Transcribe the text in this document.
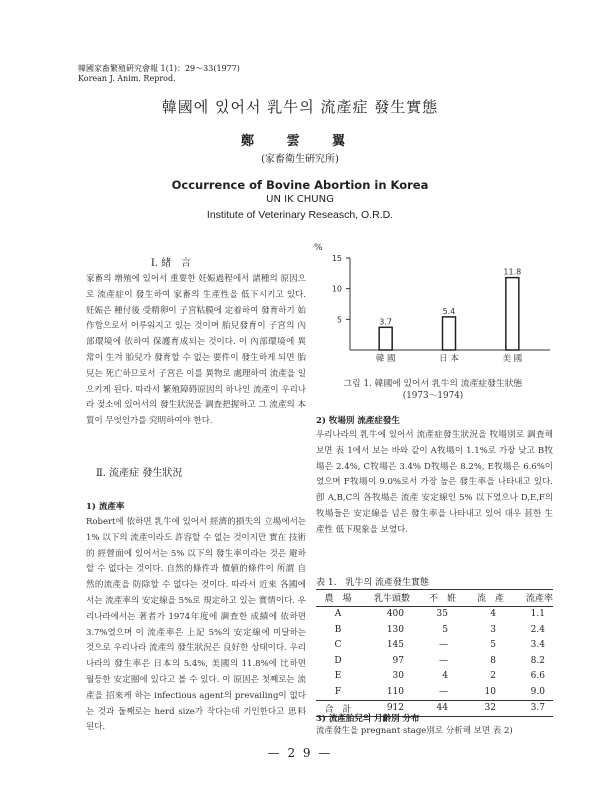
韓國家畜繁殖硏究會報 1(1)：29～33(1977)
Korean J. Anim. Reprod.
韓國에 있어서 乳牛의 流產症 發生實態
鄭 雲 翼
(家畜衛生硏究所)
Occurrence of Bovine Abortion in Korea
UN IK CHUNG
Institute of Veterinary Reseasch, O.R.D.
Ⅰ. 緖　言
家畜의 增殖에 있어서 重要한 妊娠過程에서 諸種의 原因으로 流產症이 發生하여 家畜의 生產性을 低下시키고 있다. 妊娠은 種付後 受精卵이 子宮粘膜에 定着하여 發育하기 始作함으로서 이루워지고 있는 것이며 胎兒發育이 子宮의 內部環境에 依하여 保護育成되는 것이다. 이 內部環境에 異常이 生겨 胎兒가 發育할 수 없는 要件이 發生하게 되면 胎兒는 死亡하므로서 子宮은 이를 異物로 處理하여 流產을 일으키게 된다. 따라서 繁殖障碍原因의 하나인 流產이 우리나라 젖소에 있어서의 發生狀況을 調査把握하고 그 流產의 本質이 무엇인가를 究明하여야 한다.
Ⅱ. 流產症 發生狀況
1) 流產率
Robert에 依하면 乳牛에 있어서 經濟的損失의 立場에서는 1% 以下의 流產이라도 許容할 수 없는 것이지만 實在 技術的 經營面에 있어서는 5% 以下의 發生率이라는 것은 避하할 수 없다는 것이다. 自然的條件과 價値的條件이 所謂 自然的流產을 防除할 수 없다는 것이다. 따라서 近來 各國에서는 流產率의 安定線을 5%로 規定하고 있는 實情이다. 우리나라에서는 著者가 1974年度에 調査한 成績에 依하면 3.7%였으며 이 流產率은 上記 5%의 安定線에 미달하는 것으로 우리나라 流產의 發生狀況은 良好한 상태이다. 우리나라의 發生率은 日本의 5.4%, 美國의 11.8%에 比하면 월등한 安定圈에 있다고 볼 수 있다. 이 原因은 첫째로는 流產을 招來케 하는 infectious agent의 prevailing이 없다는 것과 둘째로는 herd size가 작다는데 기인한다고 思料된다.
%
5
10
15
3.7
韓 國
5.4
日 本
11.8
美 國
그림 1. 韓國에 있어서 乳牛의 流產症發生狀態
(1973～1974)
2) 牧場別 流產症發生
우리나라의 乳牛에 있어서 流產症發生狀況을 牧場別로 調査해 보면 表 1에서 보는 바와 같이 A牧場이 1.1%로 가장 낮고 B牧場은 2.4%, C牧場은 3.4% D牧場은 8.2%, E牧場은 6.6%이였으며 F牧場이 9.0%로서 가장 높은 發生率을 나타내고 있다. 卽 A,B,C의 各牧場은 流產 安定線인 5% 以下였으나 D,E,F의 牧場들은 安定線을 넘은 發生率을 나타내고 있어 대우 甚한 生產性 低下現象을 보였다.
表 1.　乳牛의 流產發生實態
農　場	乳牛頭數	不　姙	流　產	流產率
A	400	35	4	1.1
B	130	5	3	2.4
C	145	—	5	3.4
D	97	—	8	8.2
E	30	4	2	6.6
F	110	—	10	9.0
合　計	912	44	32	3.7
3) 流產胎兒의 月齡別 分布
流產發生을 pregnant stage別로 分析해 보면 表 2)
— 2 9 —
